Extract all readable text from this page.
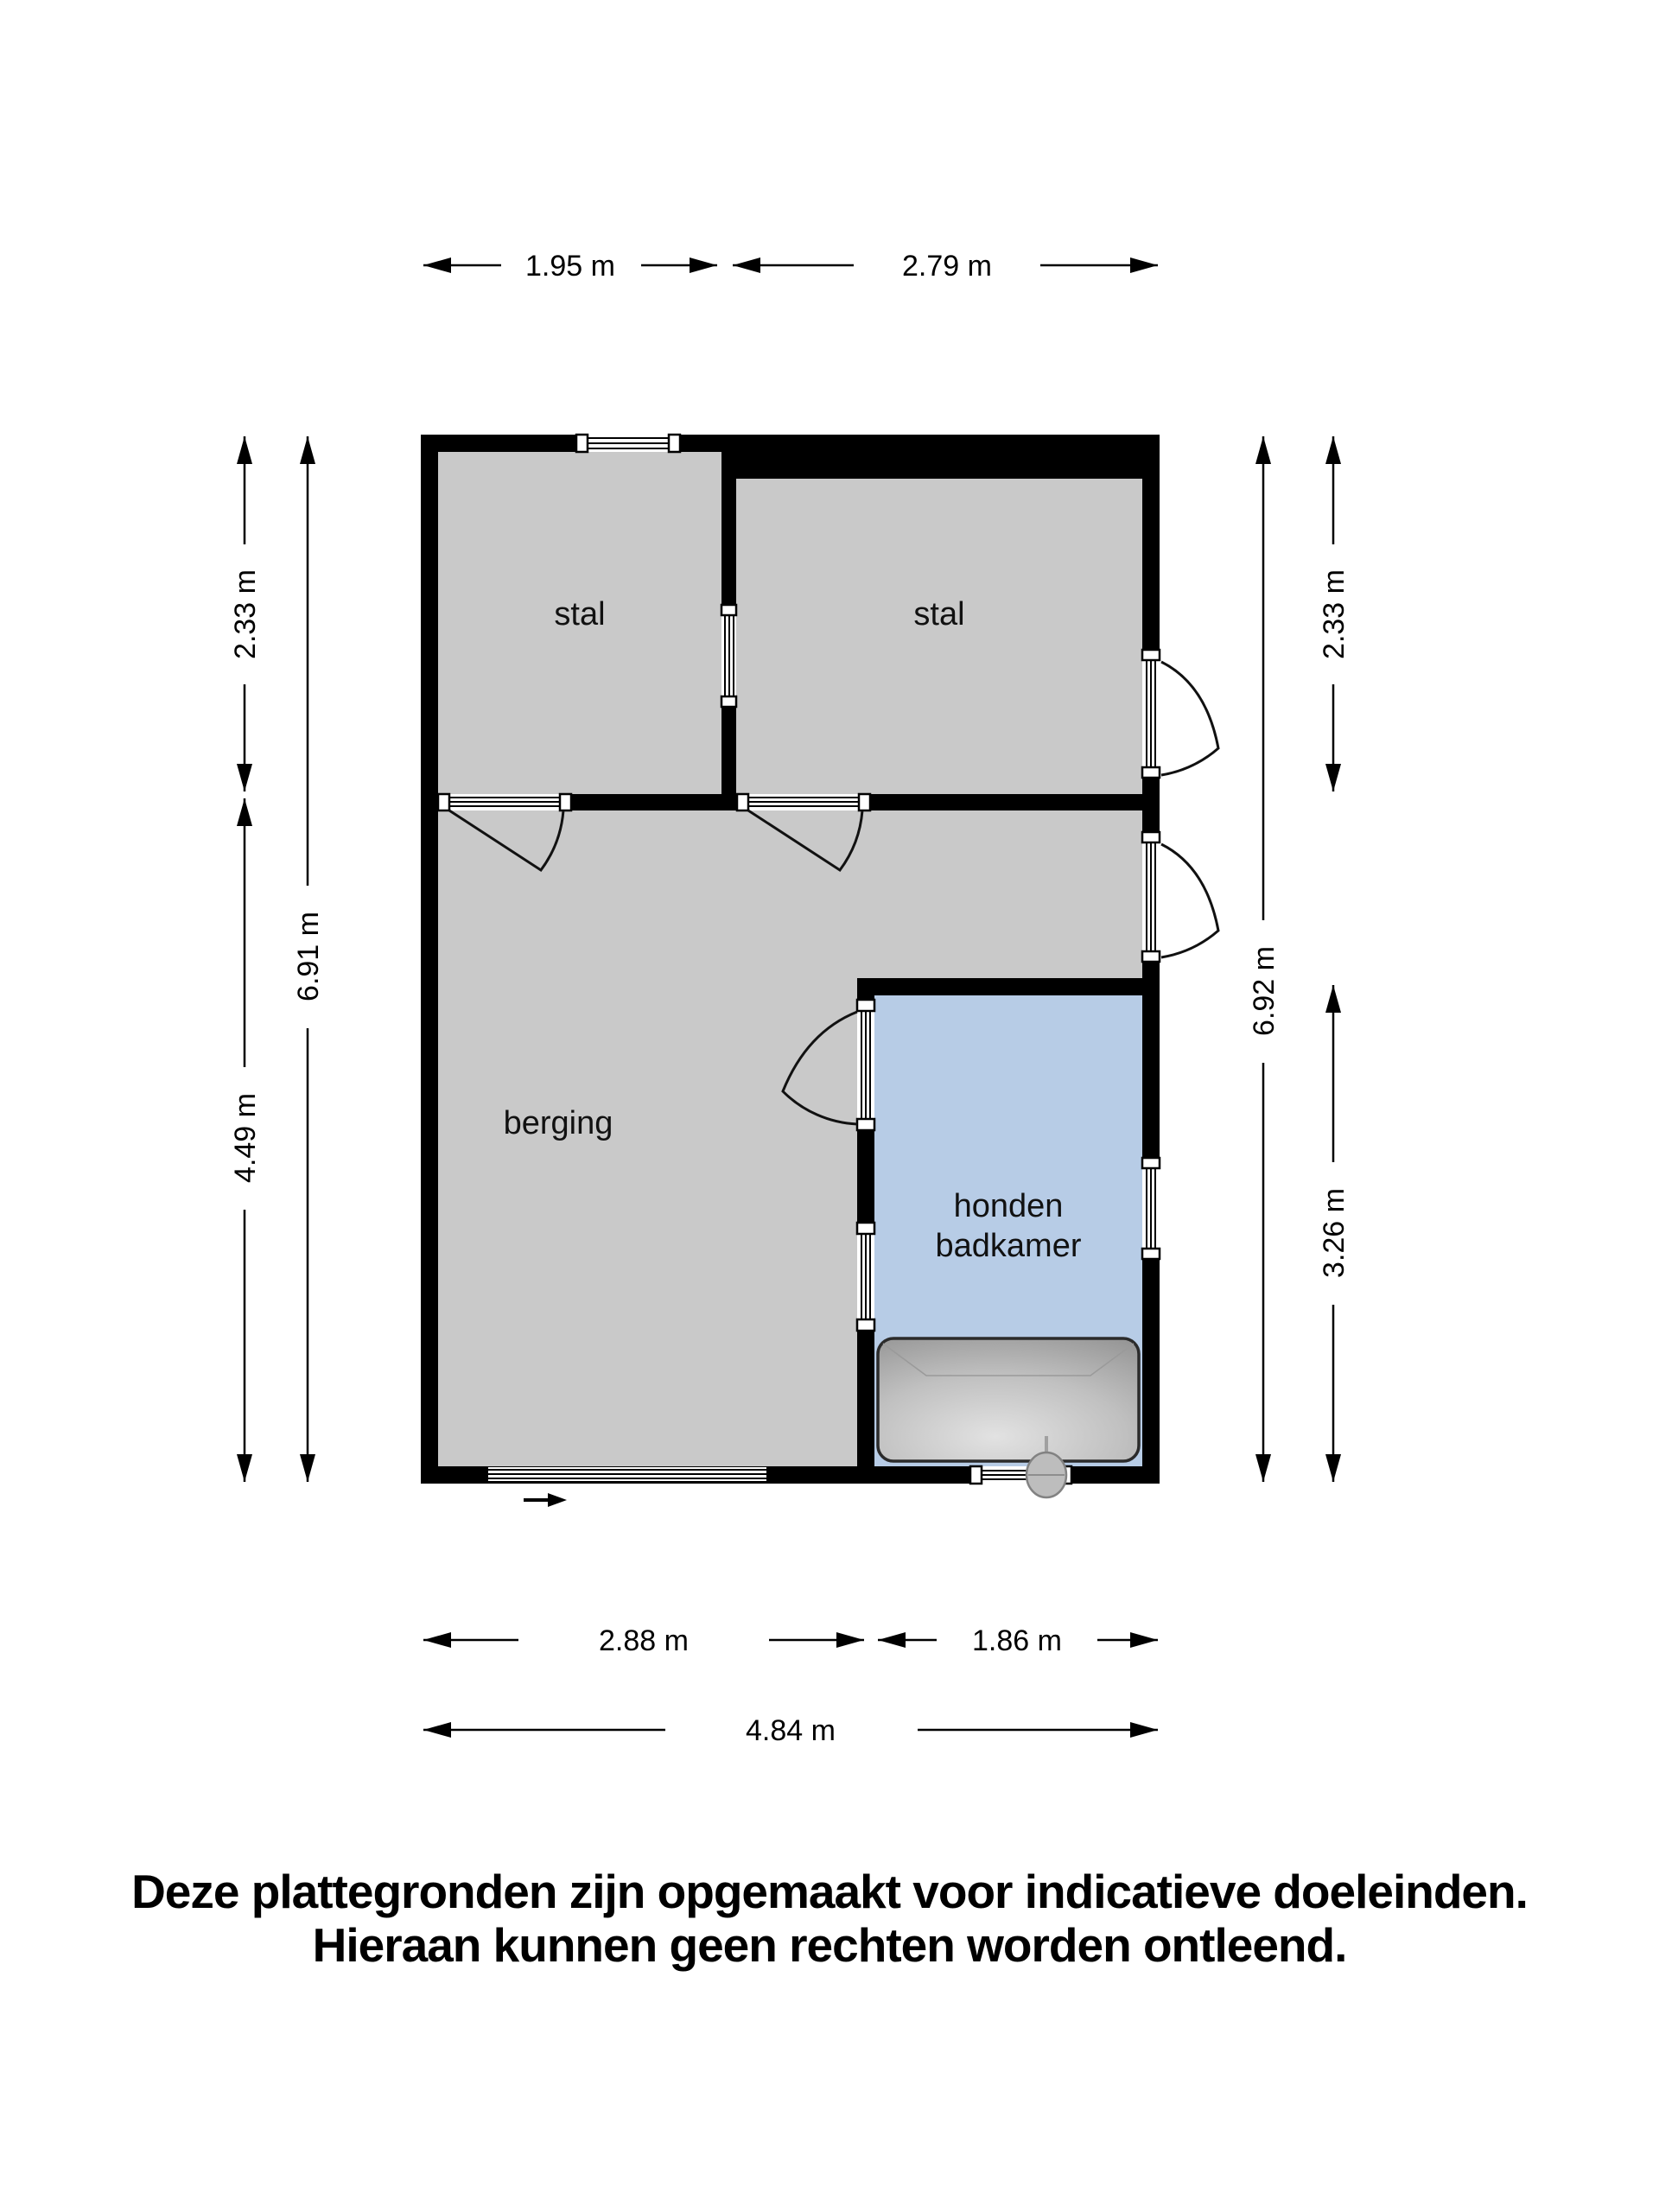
stal	stal
berging
honden
badkamer
1.95 m	2.79 m
2.33 m
4.49 m
6.91 m	6.92 m
2.33 m
3.26 m
2.88 m	1.86 m
4.84 m
Deze plattegronden zijn opgemaakt voor indicatieve doeleinden.
Hieraan kunnen geen rechten worden ontleend.
